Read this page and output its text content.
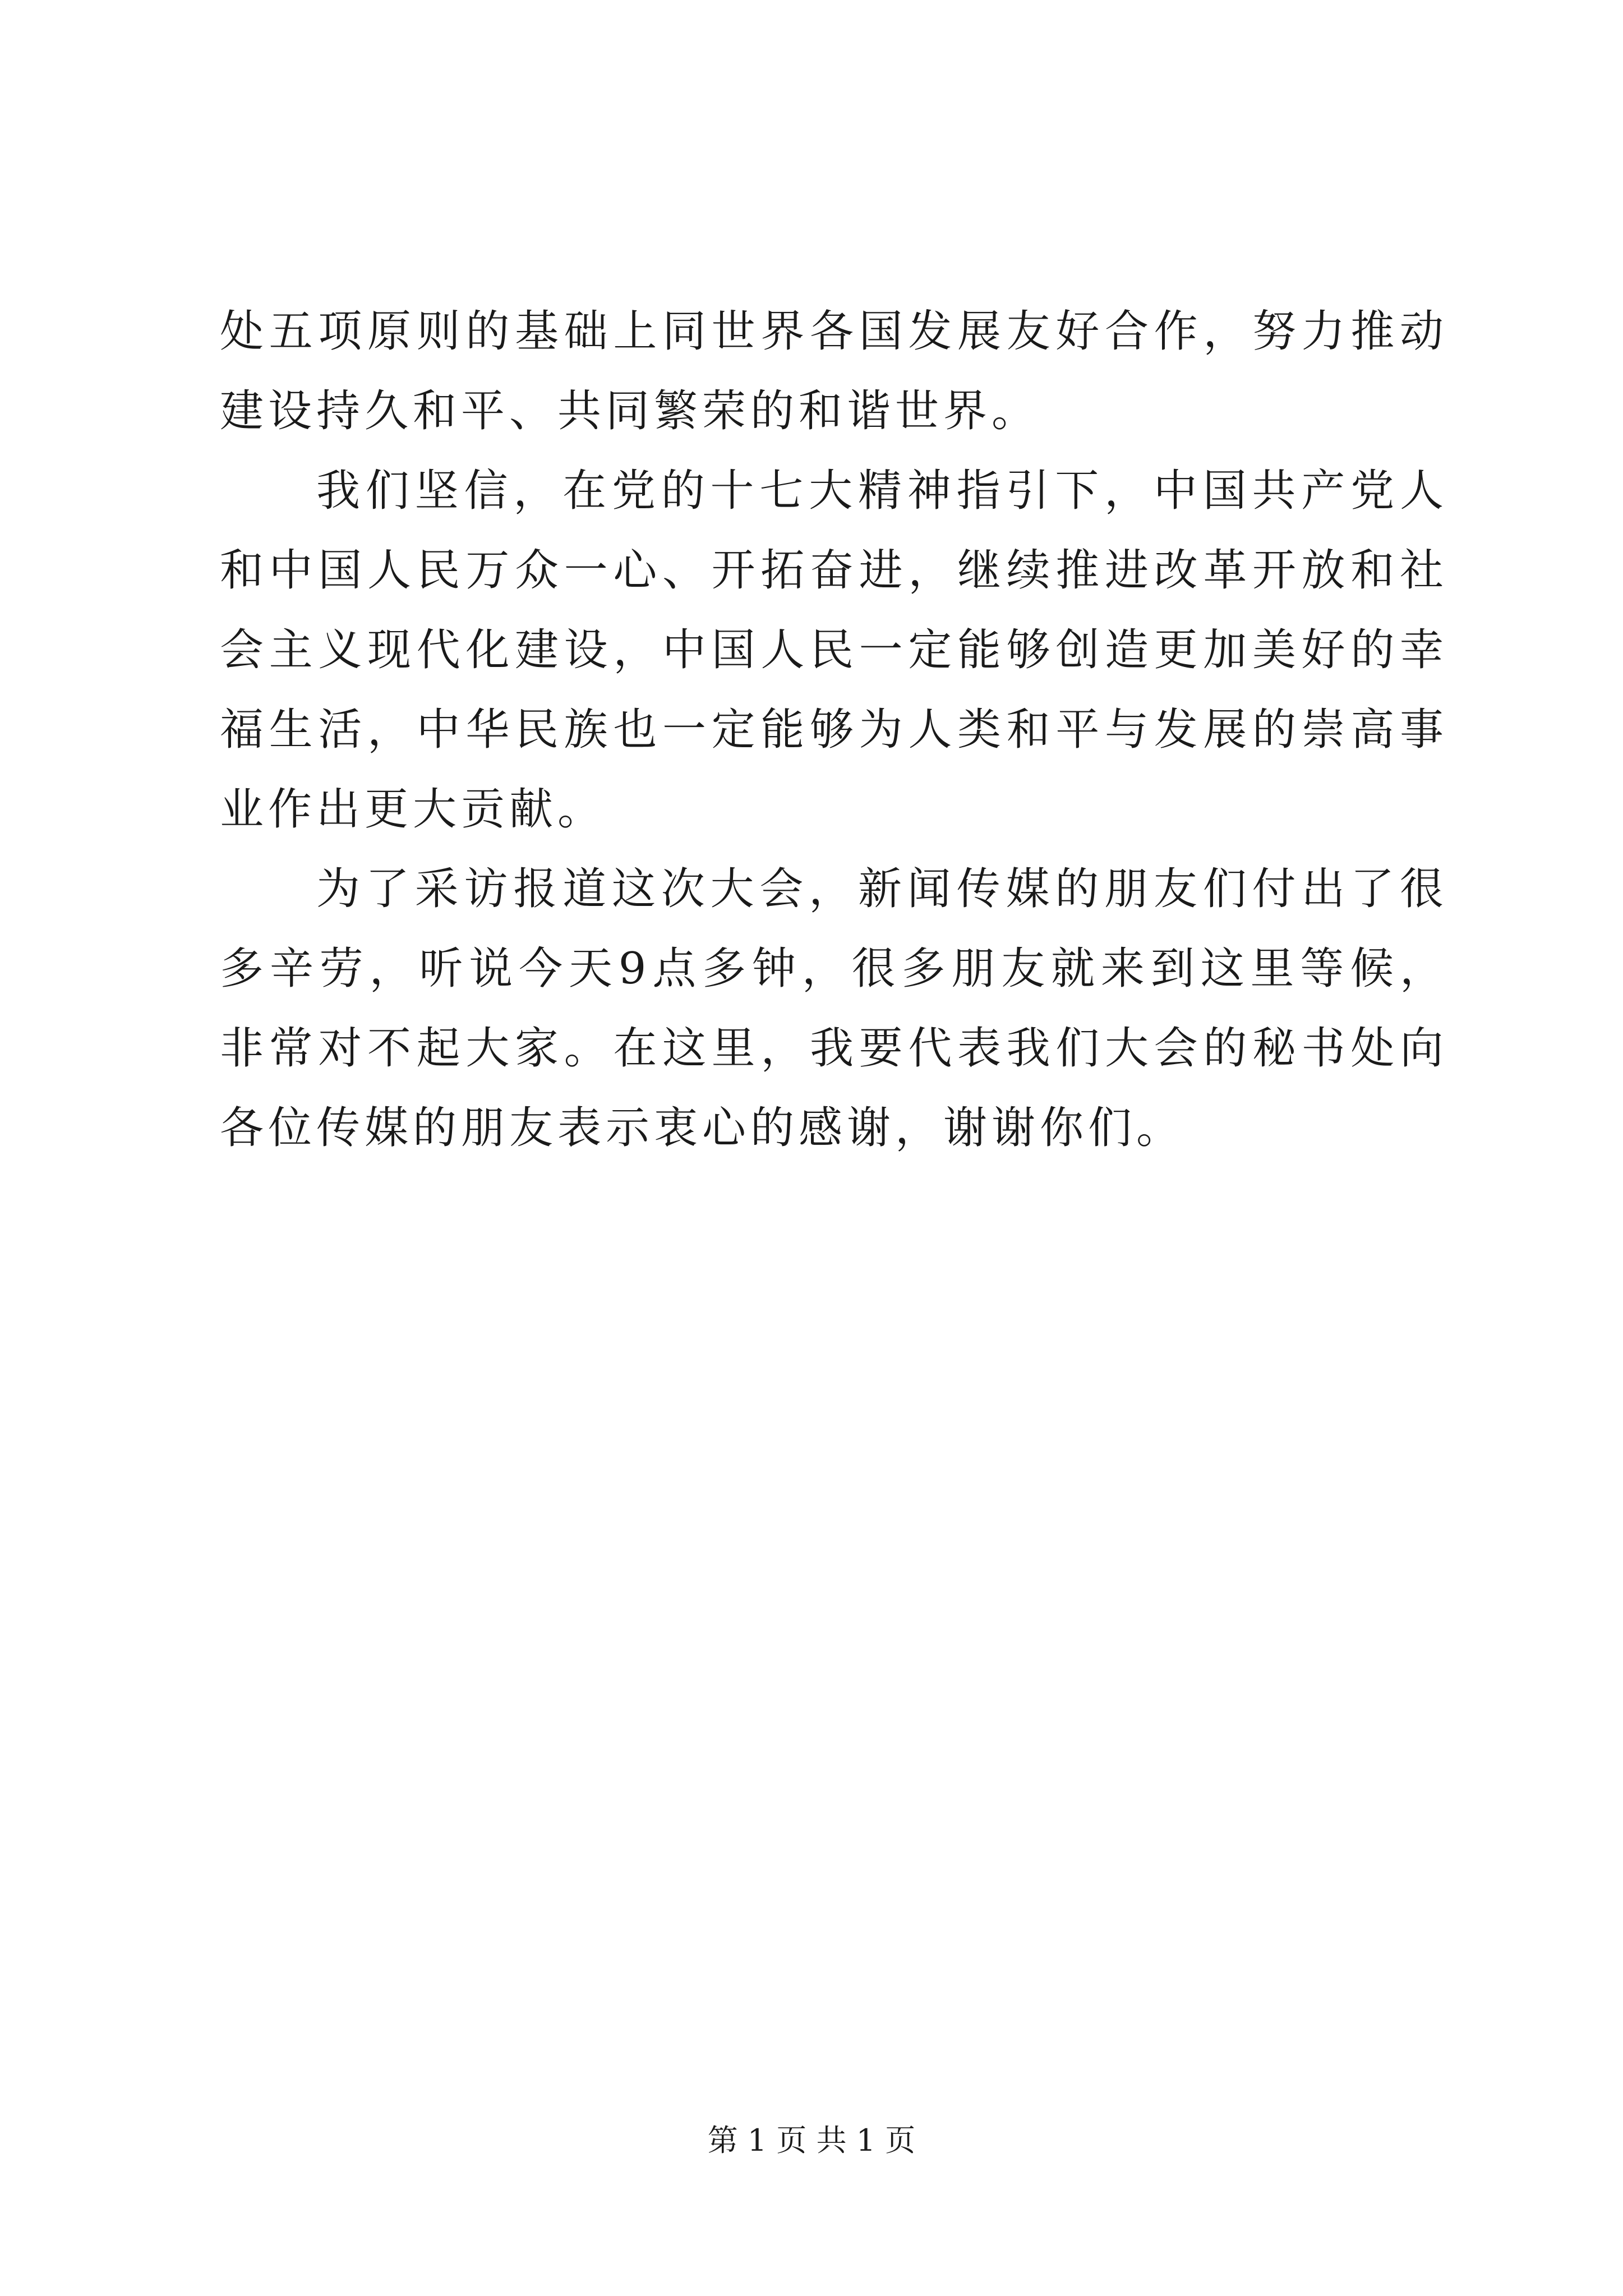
处五项原则的基础上同世界各国发展友好合作，努力推动建设持久和平、共同繁荣的和谐世界。

我们坚信，在党的十七大精神指引下，中国共产党人和中国人民万众一心、开拓奋进，继续推进改革开放和社会主义现代化建设，中国人民一定能够创造更加美好的幸福生活，中华民族也一定能够为人类和平与发展的崇高事业作出更大贡献。

为了采访报道这次大会，新闻传媒的朋友们付出了很多辛劳，听说今天9点多钟，很多朋友就来到这里等候，非常对不起大家。在这里，我要代表我们大会的秘书处向各位传媒的朋友表示衷心的感谢，谢谢你们。

第 1 页 共 1 页
